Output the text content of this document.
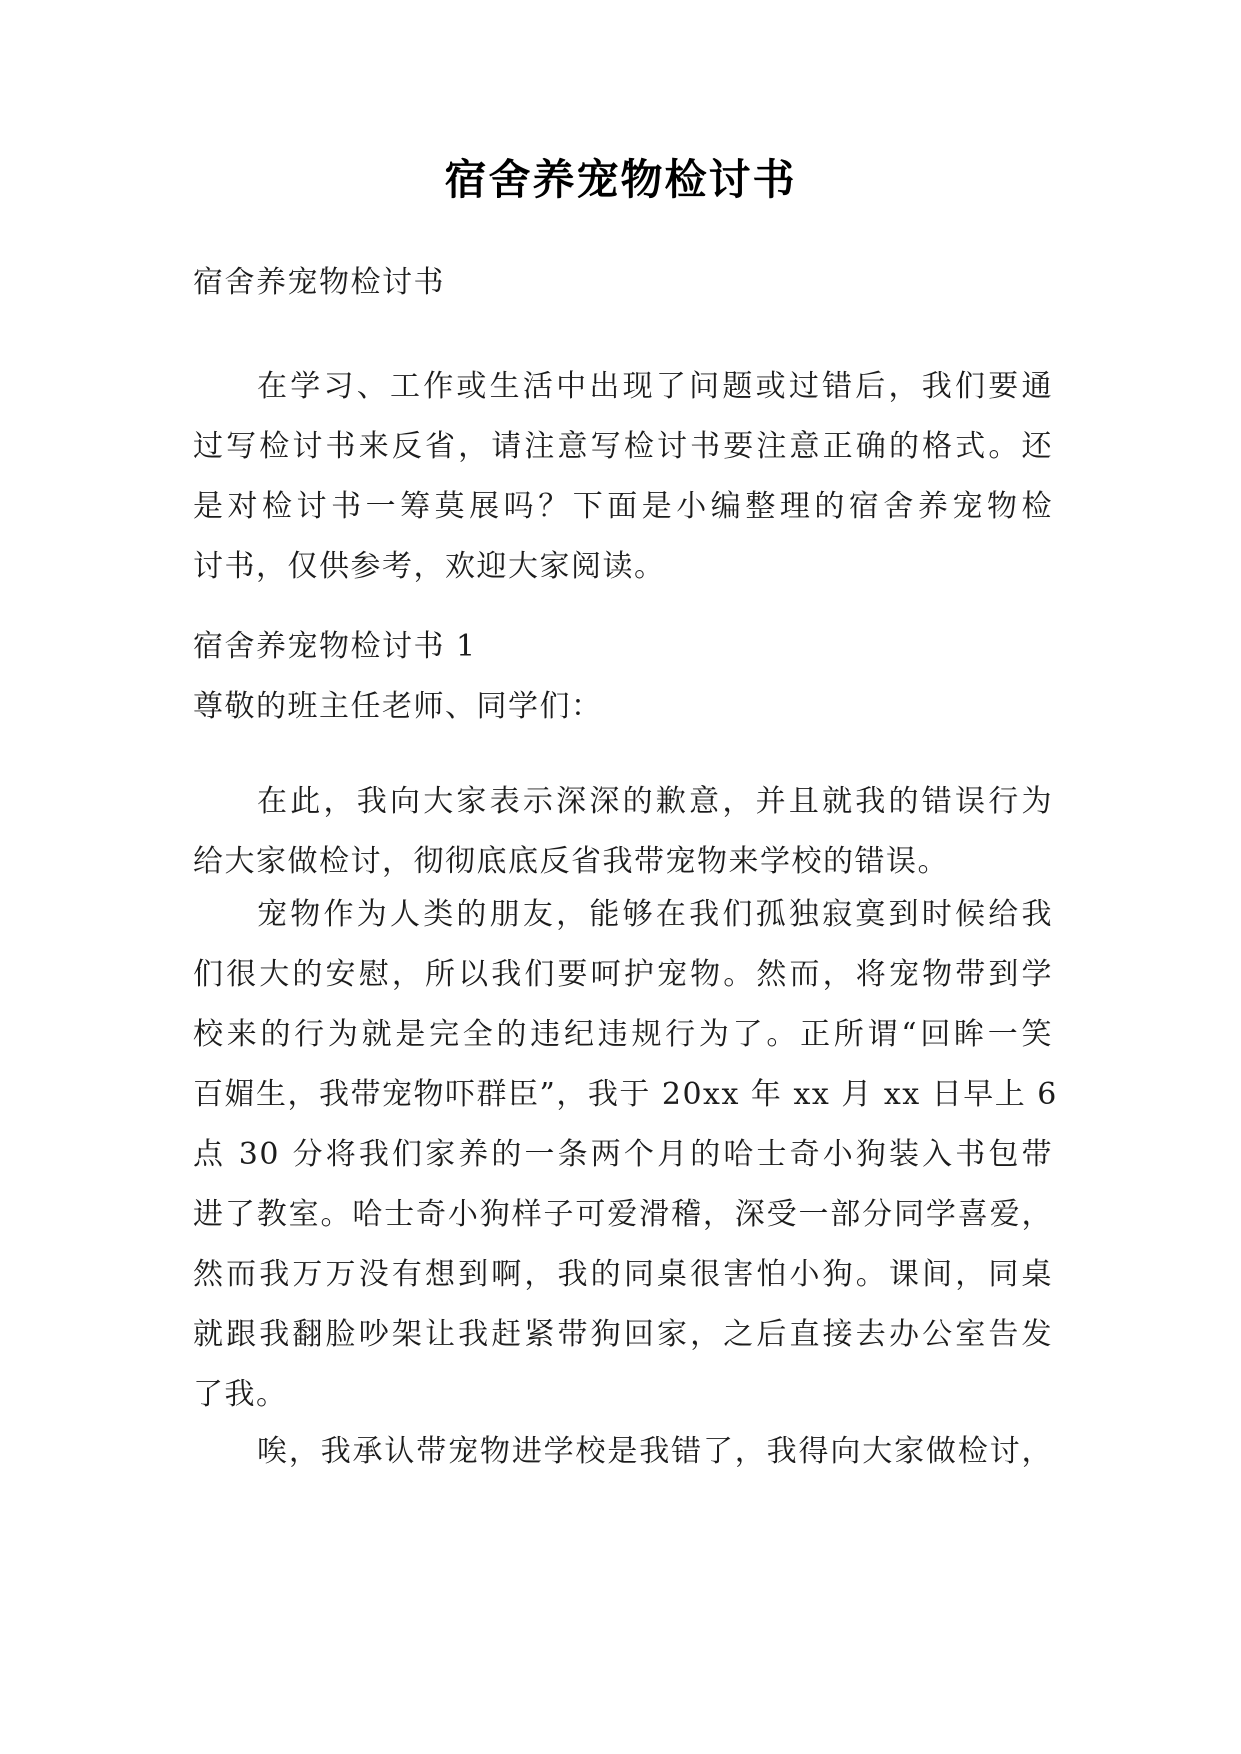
宿舍养宠物检讨书
宿舍养宠物检讨书
在学习、工作或生活中出现了问题或过错后，我们要通
过写检讨书来反省，请注意写检讨书要注意正确的格式。还
是对检讨书一筹莫展吗？下面是小编整理的宿舍养宠物检
讨书，仅供参考，欢迎大家阅读。
宿舍养宠物检讨书 1
尊敬的班主任老师、同学们：
在此，我向大家表示深深的歉意，并且就我的错误行为
给大家做检讨，彻彻底底反省我带宠物来学校的错误。
宠物作为人类的朋友，能够在我们孤独寂寞到时候给我
们很大的安慰，所以我们要呵护宠物。然而，将宠物带到学
校来的行为就是完全的违纪违规行为了。正所谓“回眸一笑
百媚生，我带宠物吓群臣”，我于 20xx 年 xx 月 xx 日早上 6
点 30 分将我们家养的一条两个月的哈士奇小狗装入书包带
进了教室。哈士奇小狗样子可爱滑稽，深受一部分同学喜爱，
然而我万万没有想到啊，我的同桌很害怕小狗。课间，同桌
就跟我翻脸吵架让我赶紧带狗回家，之后直接去办公室告发
了我。
唉，我承认带宠物进学校是我错了，我得向大家做检讨，
